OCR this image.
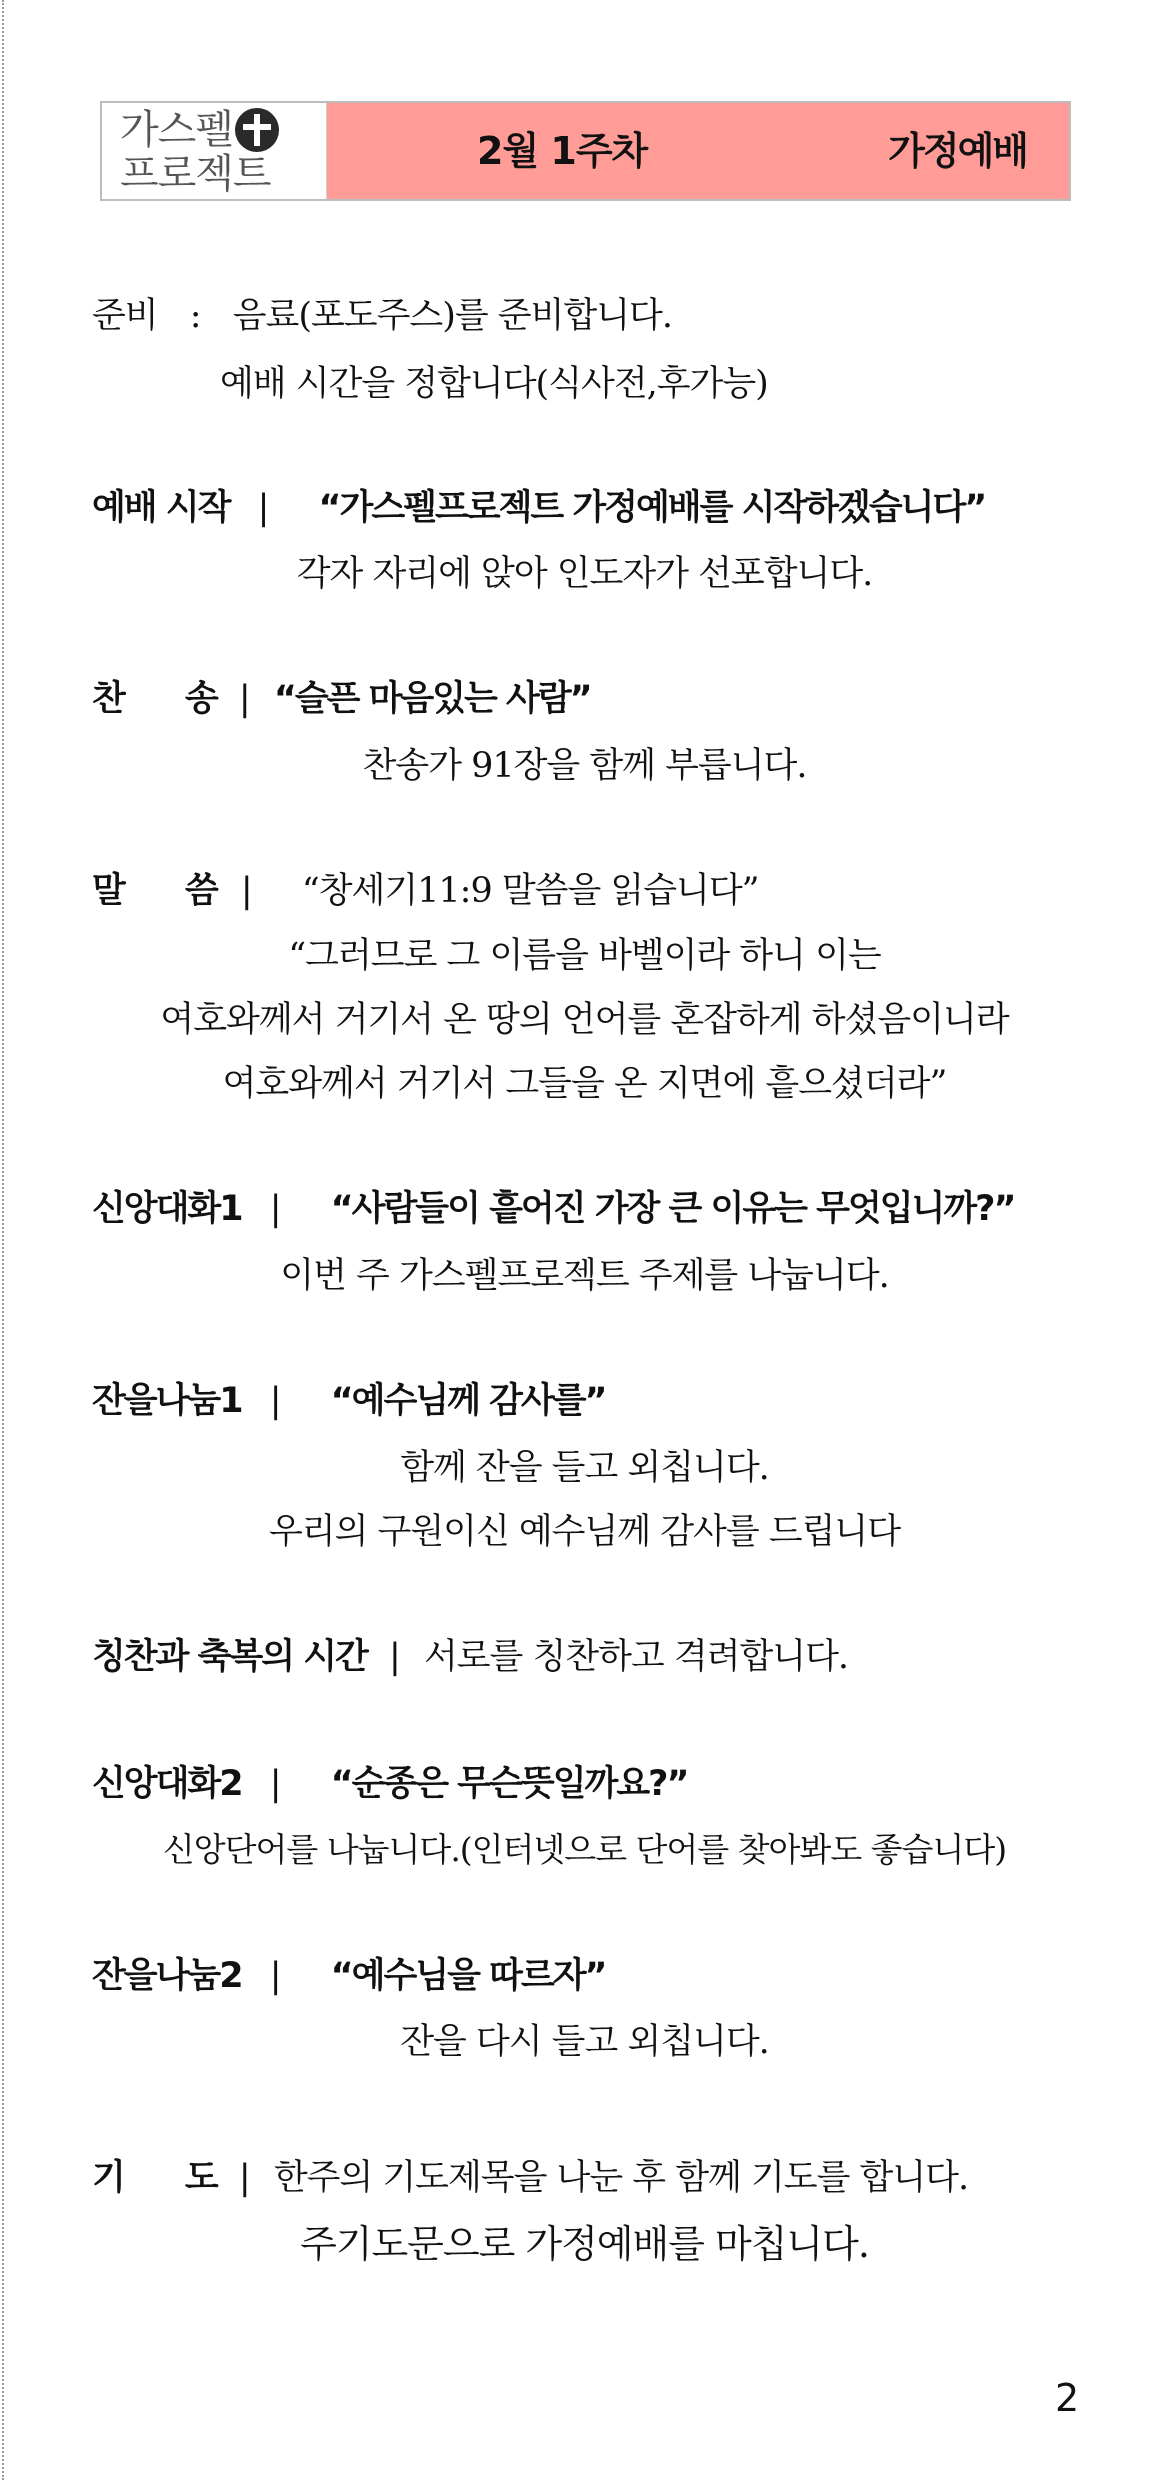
가스펠
프로젝트	2월 1주차	가정예배
준비 : 음료(포도주스)를 준비합니다.
예배 시간을 정합니다(식사전,후가능)
예배 시작 | “가스펠프로젝트 가정예배를 시작하겠습니다”
각자 자리에 앉아 인도자가 선포합니다.
찬      송 | “슬픈 마음있는 사람”
찬송가 91장을 함께 부릅니다.
말      씀 | “창세기11:9 말씀을 읽습니다”
“그러므로 그 이름을 바벨이라 하니 이는
여호와께서 거기서 온 땅의 언어를 혼잡하게 하셨음이니라
여호와께서 거기서 그들을 온 지면에 흩으셨더라”
신앙대화1 | “사람들이 흩어진 가장 큰 이유는 무엇입니까?”
이번 주 가스펠프로젝트 주제를 나눕니다.
잔을나눔1 | “예수님께 감사를”
함께 잔을 들고 외칩니다.
우리의 구원이신 예수님께 감사를 드립니다
칭찬과 축복의 시간 | 서로를 칭찬하고 격려합니다.
신앙대화2 | “순종은 무슨뜻일까요?”
신앙단어를 나눕니다.(인터넷으로 단어를 찾아봐도 좋습니다)
잔을나눔2 | “예수님을 따르자”
잔을 다시 들고 외칩니다.
기      도 | 한주의 기도제목을 나눈 후 함께 기도를 합니다.
주기도문으로 가정예배를 마칩니다.
2
